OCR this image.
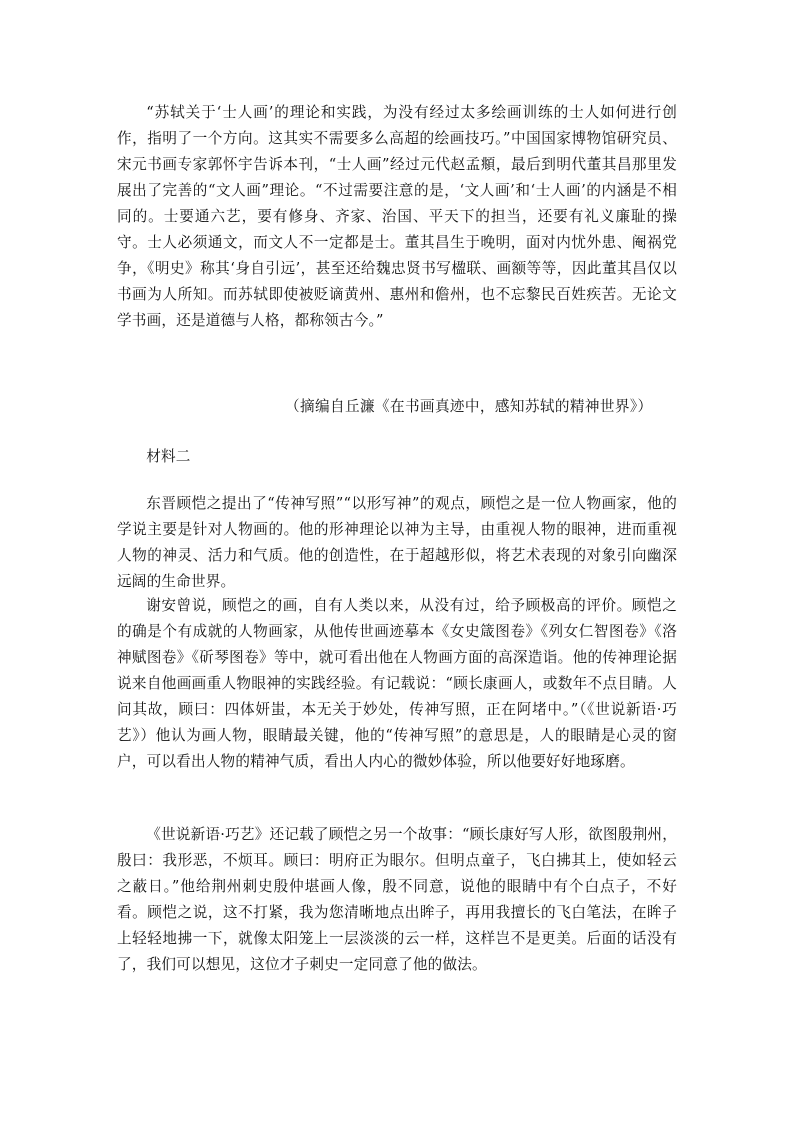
“苏轼关于‘士人画’的理论和实践，为没有经过太多绘画训练的士人如何进行创作，指明了一个方向。这其实不需要多么高超的绘画技巧。”中国国家博物馆研究员、宋元书画专家郭怀宇告诉本刊，“士人画”经过元代赵孟頫，最后到明代董其昌那里发展出了完善的“文人画”理论。“不过需要注意的是，‘文人画’和‘士人画’的内涵是不相同的。士要通六艺，要有修身、齐家、治国、平天下的担当，还要有礼义廉耻的操守。士人必须通文，而文人不一定都是士。董其昌生于晚明，面对内忧外患、阉祸党争，《明史》称其‘身自引远’，甚至还给魏忠贤书写楹联、画额等等，因此董其昌仅以书画为人所知。而苏轼即使被贬谪黄州、惠州和儋州，也不忘黎民百姓疾苦。无论文学书画，还是道德与人格，都称领古今。”

（摘编自丘濂《在书画真迹中，感知苏轼的精神世界》）

材料二

东晋顾恺之提出了“传神写照”“以形写神”的观点，顾恺之是一位人物画家，他的学说主要是针对人物画的。他的形神理论以神为主导，由重视人物的眼神，进而重视人物的神灵、活力和气质。他的创造性，在于超越形似，将艺术表现的对象引向幽深远阔的生命世界。

谢安曾说，顾恺之的画，自有人类以来，从没有过，给予顾极高的评价。顾恺之的确是个有成就的人物画家，从他传世画迹摹本《女史箴图卷》《列女仁智图卷》《洛神赋图卷》《斫琴图卷》等中，就可看出他在人物画方面的高深造诣。他的传神理论据说来自他画画重人物眼神的实践经验。有记载说：“顾长康画人，或数年不点目睛。人问其故，顾曰：四体妍蚩，本无关于妙处，传神写照，正在阿堵中。”（《世说新语·巧艺》）他认为画人物，眼睛最关键，他的“传神写照”的意思是，人的眼睛是心灵的窗户，可以看出人物的精神气质，看出人内心的微妙体验，所以他要好好地琢磨。

《世说新语·巧艺》还记载了顾恺之另一个故事：“顾长康好写人形，欲图殷荆州，殷曰：我形恶，不烦耳。顾曰：明府正为眼尔。但明点童子，飞白拂其上，使如轻云之蔽日。”他给荆州刺史殷仲堪画人像，殷不同意，说他的眼睛中有个白点子，不好看。顾恺之说，这不打紧，我为您清晰地点出眸子，再用我擅长的飞白笔法，在眸子上轻轻地拂一下，就像太阳笼上一层淡淡的云一样，这样岂不是更美。后面的话没有了，我们可以想见，这位才子刺史一定同意了他的做法。
